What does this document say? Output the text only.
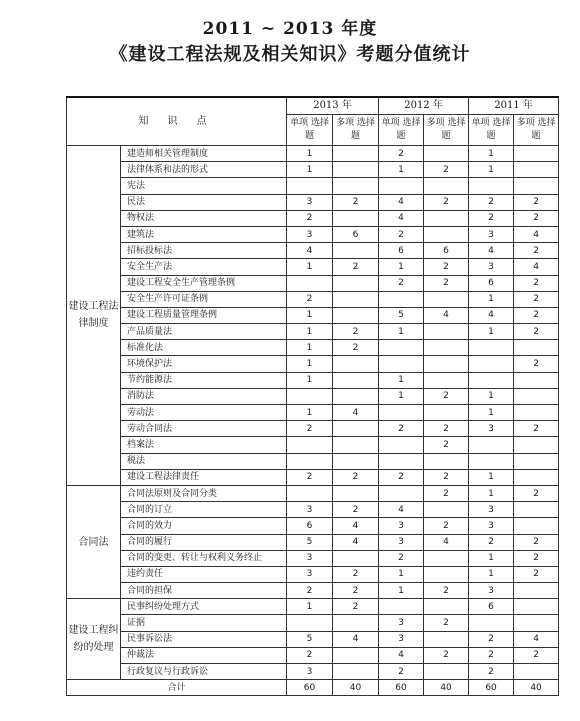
2011 ~ 2013 年度
《建设工程法规及相关知识》考题分值统计
知 识 点		2013 年		2012 年		2011 年	
		单项 选择题	多项 选择题	单项 选择题	多项 选择题	单项 选择题	多项 选择题
建设工程法律制度	建造师相关管理制度	1		2		1	
	法律体系和法的形式	1		1	2	1	
	宪法						
	民法	3	2	4	2	2	2
	物权法	2		4		2	2
	建筑法	3	6	2		3	4
	招标投标法	4		6	6	4	2
	安全生产法	1	2	1	2	3	4
	建设工程安全生产管理条例			2	2	6	2
	安全生产许可证条例	2				1	2
	建设工程质量管理条例	1		5	4	4	2
	产品质量法	1	2	1		1	2
	标准化法	1	2				
	环境保护法	1					2
	节约能源法	1		1			
	消防法			1	2	1	
	劳动法	1	4			1	
	劳动合同法	2		2	2	3	2
	档案法				2		
	税法						
	建设工程法律责任	2	2	2	2	1	
合同法	合同法原则及合同分类				2	1	2
	合同的订立	3	2	4		3	
	合同的效力	6	4	3	2	3	
	合同的履行	5	4	3	4	2	2
	合同的变更、转让与权利义务终止	3		2		1	2
	违约责任	3	2	1		1	2
	合同的担保	2	2	1	2	3	
建设工程纠纷的处理	民事纠纷处理方式	1	2			6	
	证据			3	2		
	民事诉讼法	5	4	3		2	4
	仲裁法	2		4	2	2	2
	行政复议与行政诉讼	3		2		2	
合计		60	40	60	40	60	40
